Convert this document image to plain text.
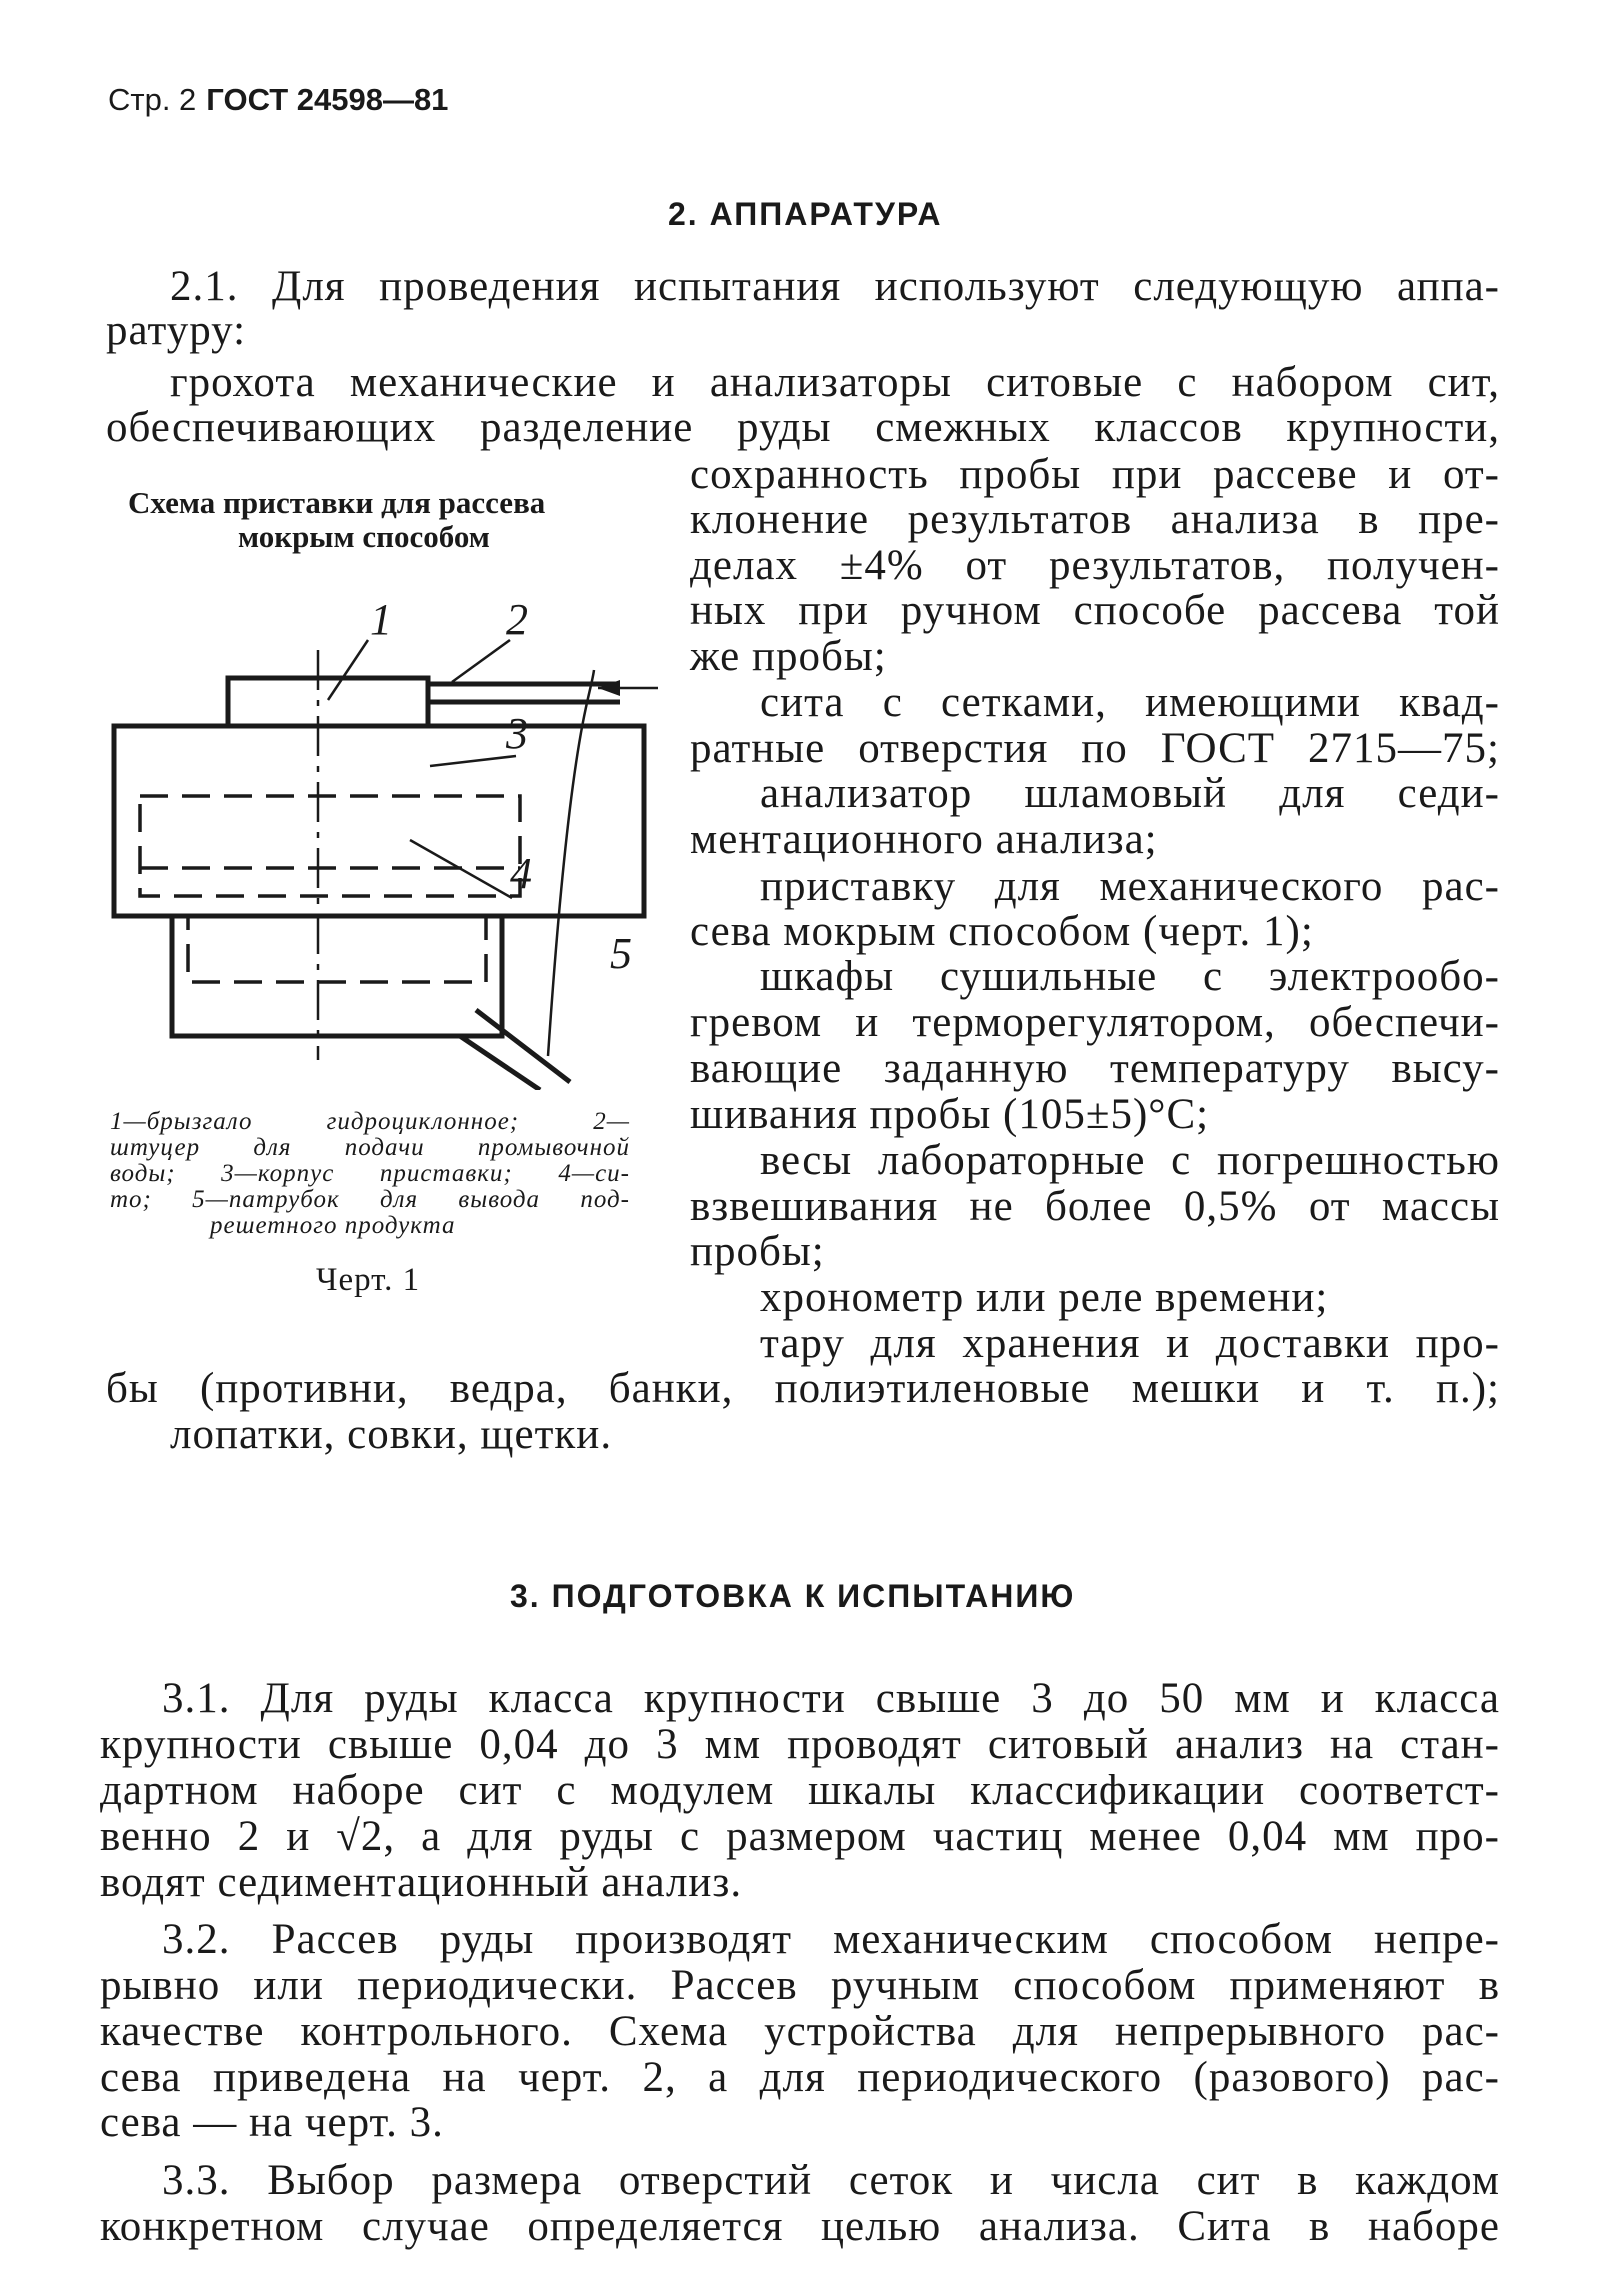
Стр. 2 ГОСТ 24598—81
2. АППАРАТУРА
2.1. Для проведения испытания используют следующую аппа-
ратуру:
грохота механические и анализаторы ситовые с набором сит,
обеспечивающих разделение руды смежных классов крупности,
сохранность пробы при рассеве и от-
клонение результатов анализа в пре-
делах ±4% от результатов, получен-
ных при ручном способе рассева той
же пробы;
сита с сетками, имеющими квад-
ратные отверстия по ГОСТ 2715—75;
анализатор шламовый для седи-
ментационного анализа;
приставку для механического рас-
сева мокрым способом (черт. 1);
шкафы сушильные с электрообо-
гревом и терморегулятором, обеспечи-
вающие заданную температуру высу-
шивания пробы (105±5)°С;
весы лабораторные с погрешностью
взвешивания не более 0,5% от массы
пробы;
хронометр или реле времени;
тару для хранения и доставки про-
бы (противни, ведра, банки, полиэтиленовые мешки и т. п.);
лопатки, совки, щетки.
Схема приставки для рассева
мокрым способом
1	2
3
4
5
1—брызгало гидроциклонное; 2—
штуцер для подачи промывочной
воды; 3—корпус приставки; 4—си-
то; 5—патрубок для вывода под-
решетного продукта
Черт. 1
3. ПОДГОТОВКА К ИСПЫТАНИЮ
3.1. Для руды класса крупности свыше 3 до 50 мм и класса
крупности свыше 0,04 до 3 мм проводят ситовый анализ на стан-
дартном наборе сит с модулем шкалы классификации соответст-
венно 2 и √2, а для руды с размером частиц менее 0,04 мм про-
водят седиментационный анализ.
3.2. Рассев руды производят механическим способом непре-
рывно или периодически. Рассев ручным способом применяют в
качестве контрольного. Схема устройства для непрерывного рас-
сева приведена на черт. 2, а для периодического (разового) рас-
сева — на черт. 3.
3.3. Выбор размера отверстий сеток и числа сит в каждом
конкретном случае определяется целью анализа. Сита в наборе
